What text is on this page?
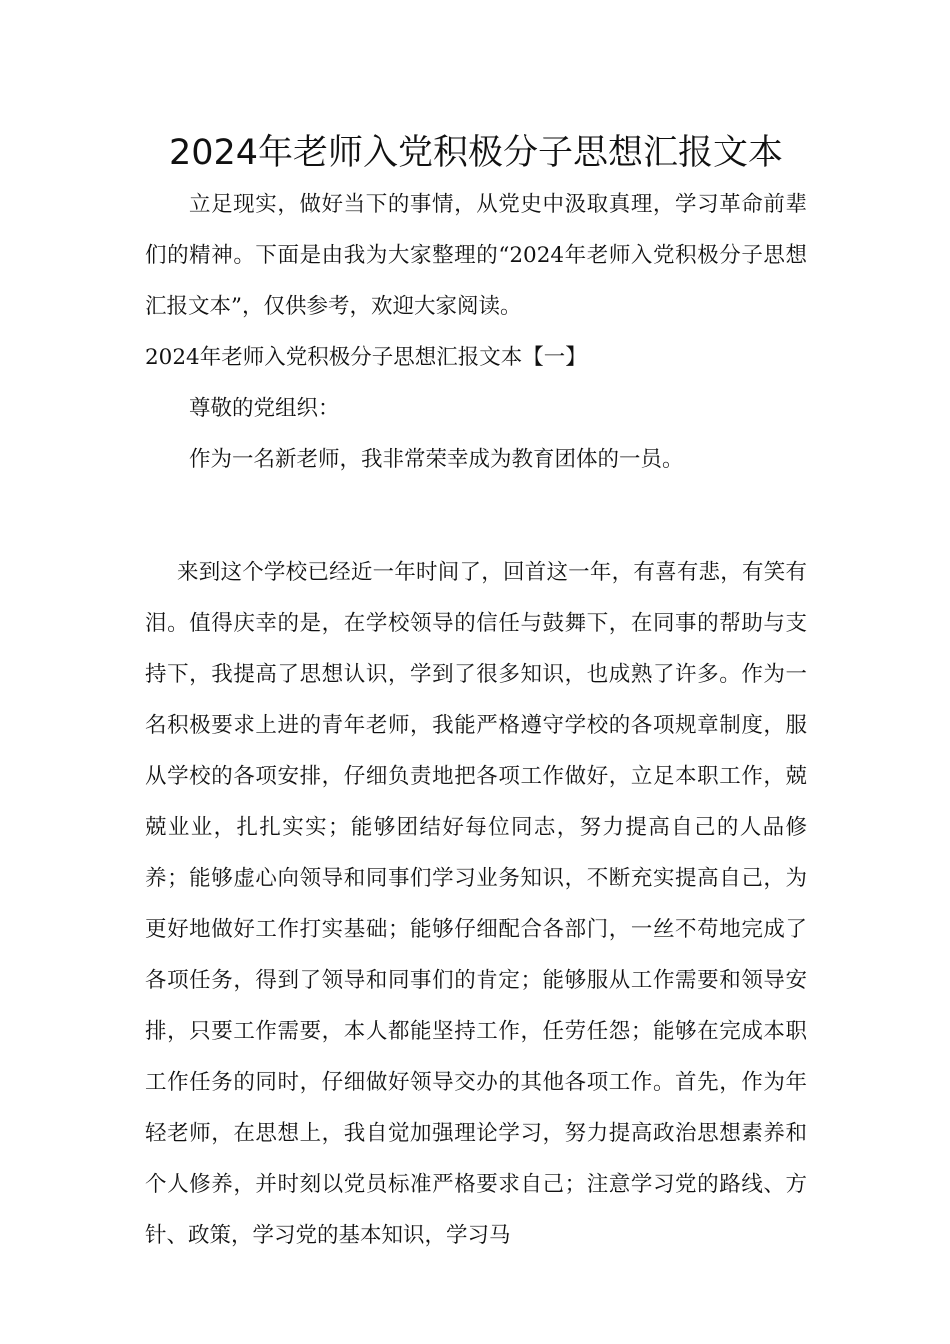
2024年老师入党积极分子思想汇报文本

立足现实，做好当下的事情，从党史中汲取真理，学习革命前辈们的精神。下面是由我为大家整理的“2024年老师入党积极分子思想汇报文本”，仅供参考，欢迎大家阅读。

2024年老师入党积极分子思想汇报文本【一】

尊敬的党组织：

作为一名新老师，我非常荣幸成为教育团体的一员。

来到这个学校已经近一年时间了，回首这一年，有喜有悲，有笑有泪。值得庆幸的是，在学校领导的信任与鼓舞下，在同事的帮助与支持下，我提高了思想认识，学到了很多知识，也成熟了许多。作为一名积极要求上进的青年老师，我能严格遵守学校的各项规章制度，服从学校的各项安排，仔细负责地把各项工作做好，立足本职工作，兢兢业业，扎扎实实；能够团结好每位同志，努力提高自己的人品修养；能够虚心向领导和同事们学习业务知识，不断充实提高自己，为更好地做好工作打实基础；能够仔细配合各部门，一丝不苟地完成了各项任务，得到了领导和同事们的肯定；能够服从工作需要和领导安排，只要工作需要，本人都能坚持工作，任劳任怨；能够在完成本职工作任务的同时，仔细做好领导交办的其他各项工作。首先，作为年轻老师，在思想上，我自觉加强理论学习，努力提高政治思想素养和个人修养，并时刻以党员标准严格要求自己；注意学习党的路线、方针、政策，学习党的基本知识，学习马
